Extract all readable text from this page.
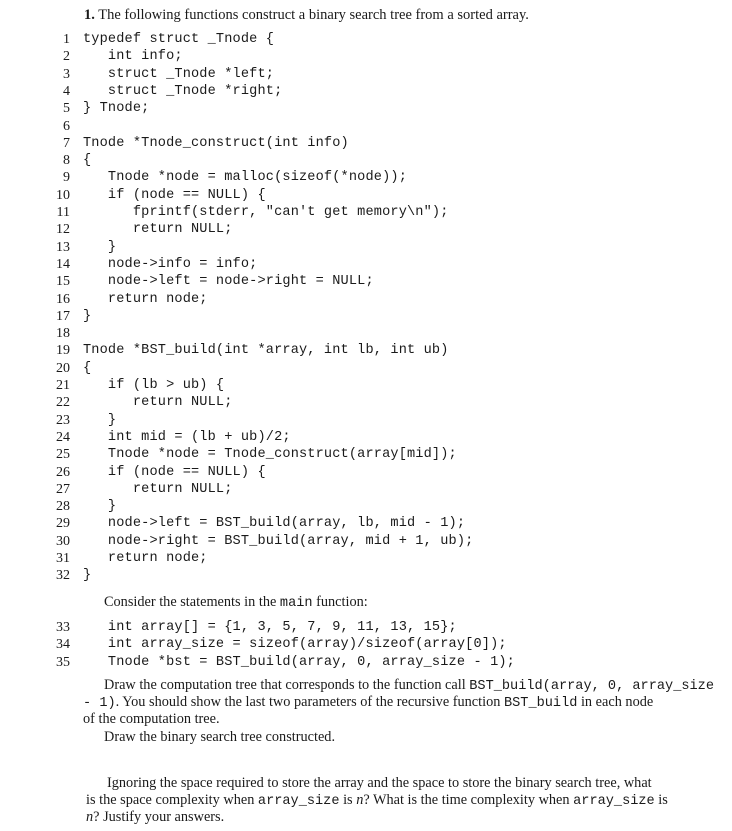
1. The following functions construct a binary search tree from a sorted array.
1 typedef struct _Tnode {
2 int info;
3 struct _Tnode *left;
4 struct _Tnode *right;
5 } Tnode;
6
7 Tnode *Tnode_construct(int info)
8 {
9 Tnode *node = malloc(sizeof(*node));
10 if (node == NULL) {
11 fprintf(stderr, "can't get memory\n");
12 return NULL;
13 }
14 node->info = info;
15 node->left = node->right = NULL;
16 return node;
17 }
18
19 Tnode *BST_build(int *array, int lb, int ub)
20 {
21 if (lb > ub) {
22 return NULL;
23 }
24 int mid = (lb + ub)/2;
25 Tnode *node = Tnode_construct(array[mid]);
26 if (node == NULL) {
27 return NULL;
28 }
29 node->left = BST_build(array, lb, mid - 1);
30 node->right = BST_build(array, mid + 1, ub);
31 return node;
32 }
Consider the statements in the main function:
33 int array[] = {1, 3, 5, 7, 9, 11, 13, 15};
34 int array_size = sizeof(array)/sizeof(array[0]);
35 Tnode *bst = BST_build(array, 0, array_size - 1);
Draw the computation tree that corresponds to the function call BST_build(array, 0, array_size
- 1). You should show the last two parameters of the recursive function BST_build in each node
of the computation tree.
Draw the binary search tree constructed.
Ignoring the space required to store the array and the space to store the binary search tree, what
is the space complexity when array_size is n? What is the time complexity when array_size is
n? Justify your answers.
